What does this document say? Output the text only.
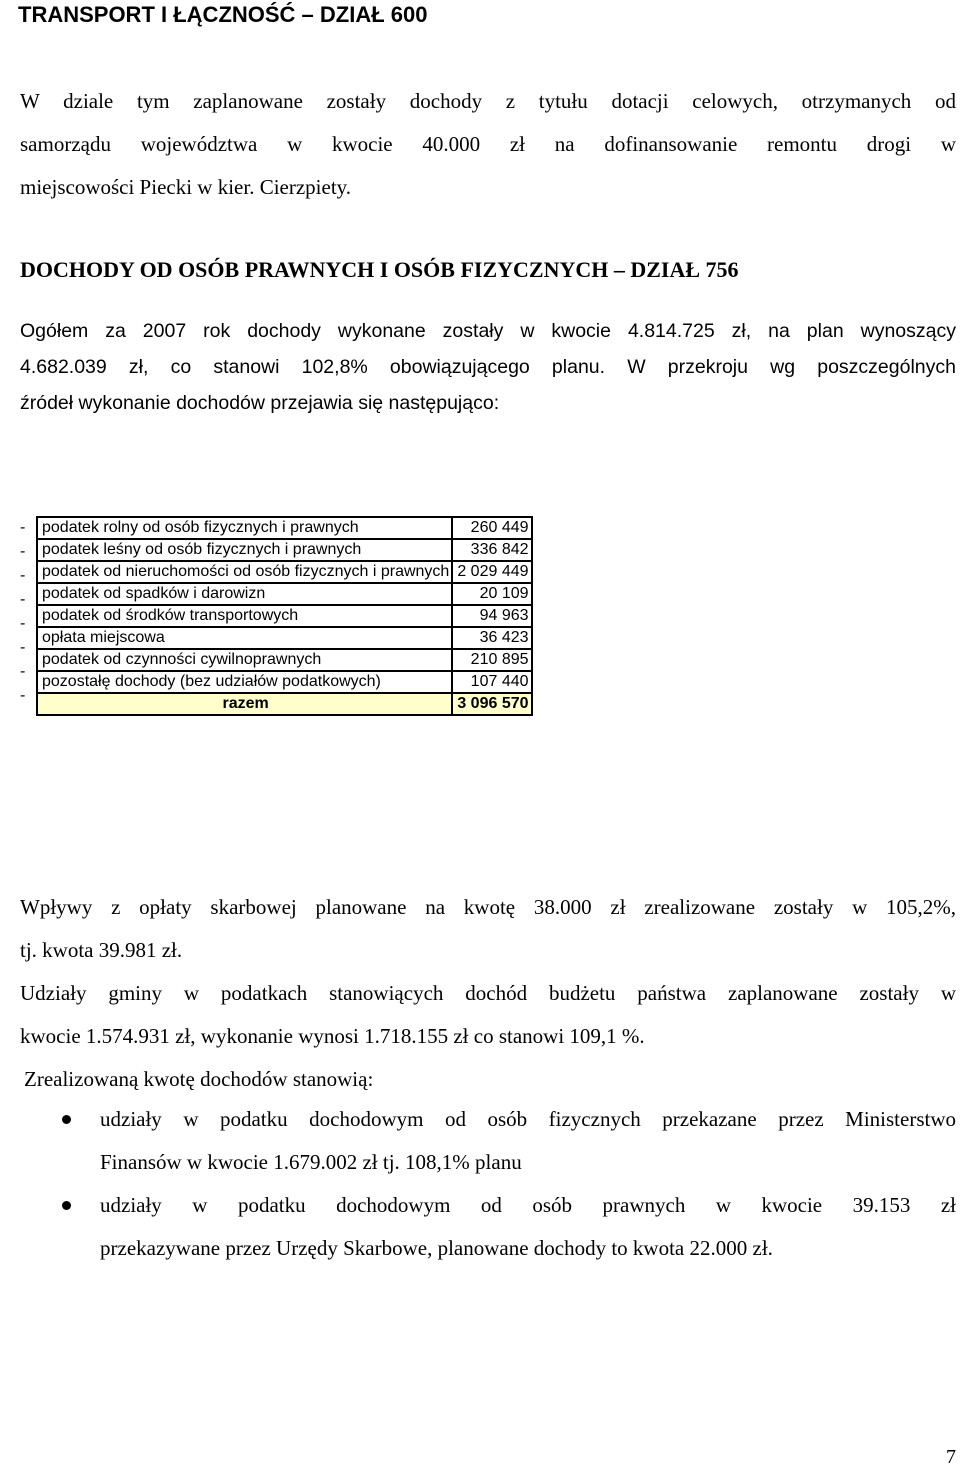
TRANSPORT I ŁĄCZNOŚĆ – DZIAŁ 600

W dziale tym zaplanowane zostały dochody z tytułu dotacji celowych, otrzymanych od
samorządu województwa w kwocie 40.000 zł na dofinansowanie remontu drogi w
miejscowości Piecki w kier. Cierzpiety.

DOCHODY OD OSÓB PRAWNYCH I OSÓB FIZYCZNYCH – DZIAŁ 756

Ogółem za 2007 rok dochody wykonane zostały w kwocie 4.814.725 zł, na plan wynoszący
4.682.039 zł, co stanowi 102,8% obowiązującego planu. W przekroju wg poszczególnych
źródeł wykonanie dochodów przejawia się następująco:

-
-
-
-
-
-
-
-
podatek rolny od osób fizycznych i prawnych	260 449
podatek leśny od osób fizycznych i prawnych	336 842
podatek od nieruchomości od osób fizycznych i prawnych	2 029 449
podatek od spadków i darowizn	20 109
podatek od środków transportowych	94 963
opłata miejscowa	36 423
podatek od czynności cywilnoprawnych	210 895
pozostałę dochody (bez udziałów podatkowych)	107 440
razem	3 096 570

Wpływy z opłaty skarbowej planowane na kwotę 38.000 zł zrealizowane zostały w 105,2%,
tj. kwota 39.981 zł.

Udziały gminy w podatkach stanowiących dochód budżetu państwa zaplanowane zostały w
kwocie 1.574.931 zł, wykonanie wynosi 1.718.155 zł co stanowi 109,1 %.

Zrealizowaną kwotę dochodów stanowią:

udziały w podatku dochodowym od osób fizycznych przekazane przez Ministerstwo
Finansów w kwocie 1.679.002 zł tj. 108,1% planu
udziały w podatku dochodowym od osób prawnych w kwocie 39.153 zł
przekazywane przez Urzędy Skarbowe, planowane dochody to kwota 22.000 zł.

7
